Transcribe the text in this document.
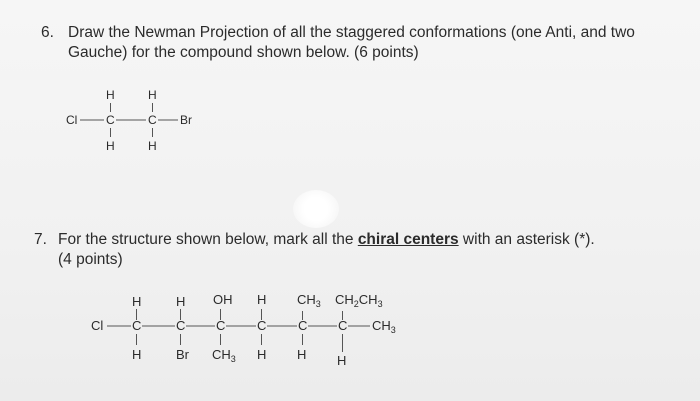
6. Draw the Newman Projection of all the staggered conformations (one Anti, and two
Gauche) for the compound shown below. (6 points)
H	H
Cl C	C Br
H	H
7. For the structure shown below, mark all the chiral centers with an asterisk (*).
(4 points)
H	H OH H $CH_3$ $CH_2CH_3$
Cl C	C C C C C $CH_3$
H	Br $CH_3$ H H H
